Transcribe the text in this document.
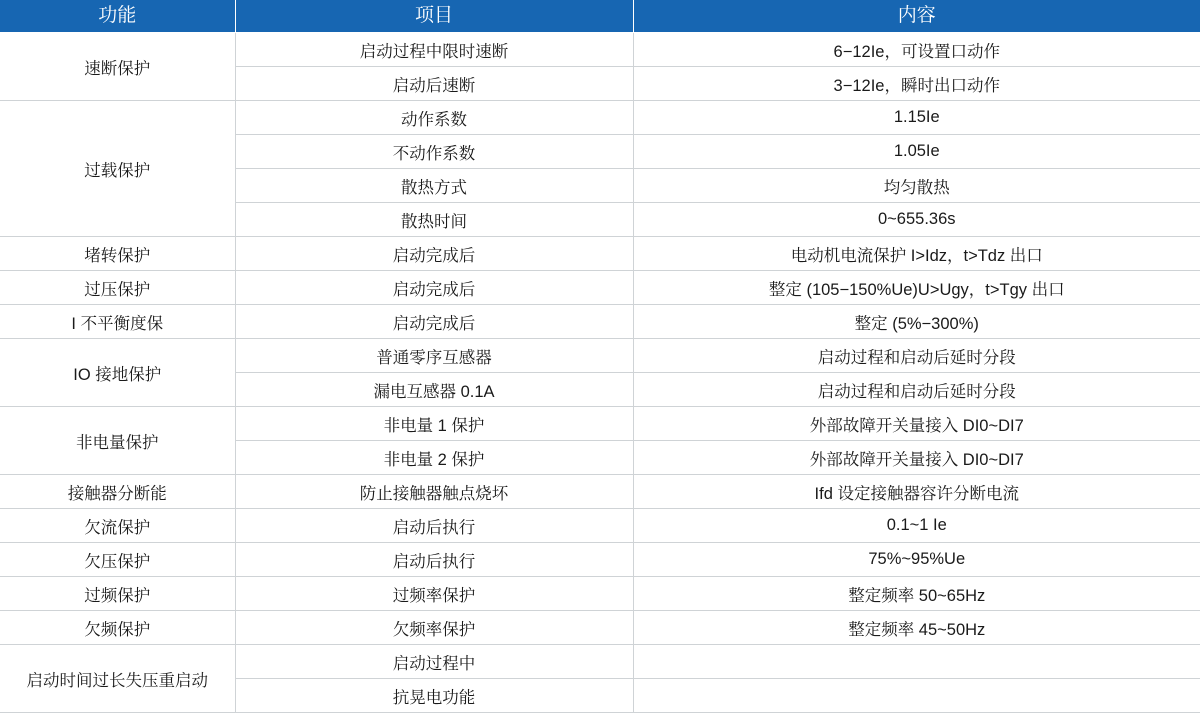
功能	项目	内容
速断保护	启动过程中限时速断	6−12Ie，可设置口动作
	启动后速断	3−12Ie，瞬时出口动作
过载保护	动作系数	1.15Ie
	不动作系数	1.05Ie
	散热方式	均匀散热
	散热时间	0~655.36s
堵转保护	启动完成后	电动机电流保护 I>Idz，t>Tdz 出口
过压保护	启动完成后	整定 (105−150%Ue)U>Ugy，t>Tgy 出口
I 不平衡度保	启动完成后	整定 (5%−300%)
IO 接地保护	普通零序互感器	启动过程和启动后延时分段
	漏电互感器 0.1A	启动过程和启动后延时分段
非电量保护	非电量 1 保护	外部故障开关量接入 DI0~DI7
	非电量 2 保护	外部故障开关量接入 DI0~DI7
接触器分断能	防止接触器触点烧坏	Ifd 设定接触器容许分断电流
欠流保护	启动后执行	0.1~1 Ie
欠压保护	启动后执行	75%~95%Ue
过频保护	过频率保护	整定频率 50~65Hz
欠频保护	欠频率保护	整定频率 45~50Hz
启动时间过长失压重启动	启动过程中	
	抗晃电功能	
